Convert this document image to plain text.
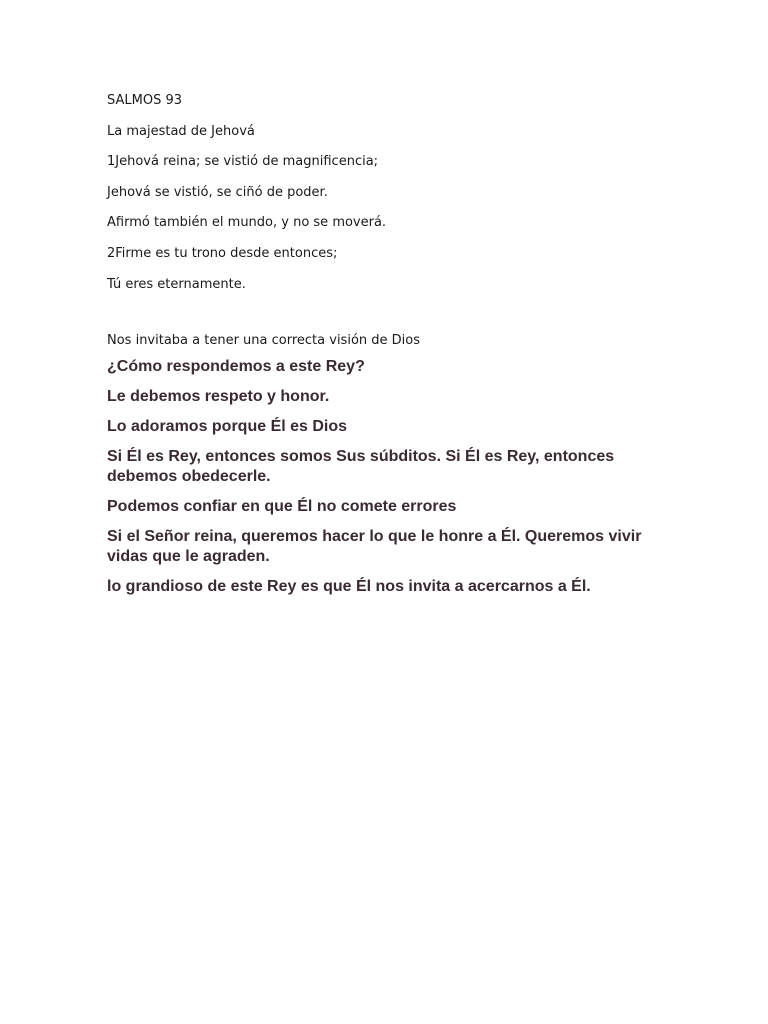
SALMOS 93

La majestad de Jehová

1Jehová reina; se vistió de magnificencia;

Jehová se vistió, se ciñó de poder.

Afirmó también el mundo, y no se moverá.

2Firme es tu trono desde entonces;

Tú eres eternamente.

Nos invitaba a tener una correcta visión de Dios

¿Cómo respondemos a este Rey?

Le debemos respeto y honor.

Lo adoramos porque Él es Dios

Si Él es Rey, entonces somos Sus súbditos. Si Él es Rey, entonces debemos obedecerle.

Podemos confiar en que Él no comete errores

Si el Señor reina, queremos hacer lo que le honre a Él. Queremos vivir vidas que le agraden.

lo grandioso de este Rey es que Él nos invita a acercarnos a Él.
